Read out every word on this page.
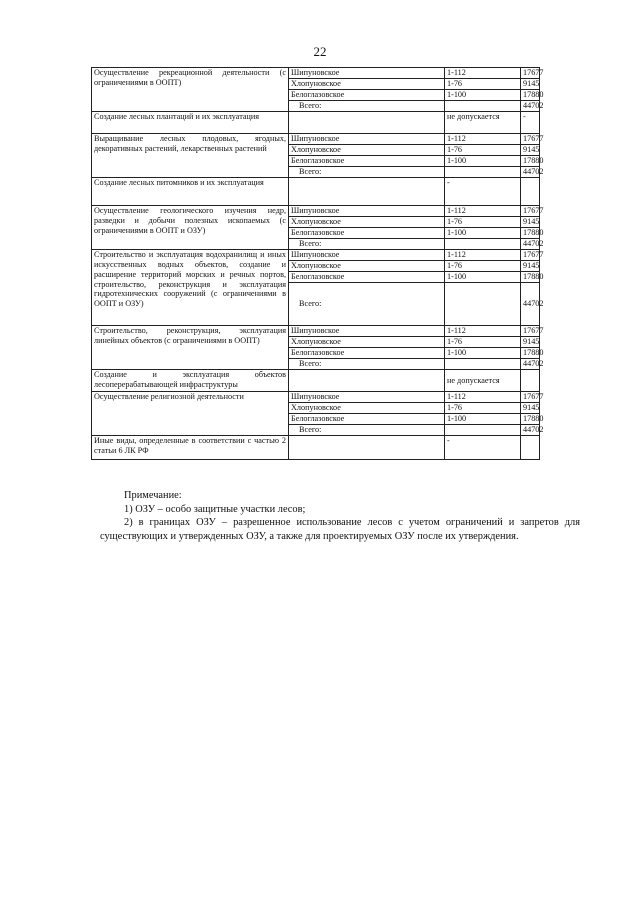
22
Осуществление рекреационной деятельности (с ограничениями в ООПТ)	Шипуновское	1-112	17677
	Хлопуновское	1-76	9145
	Белоглазовское	1-100	17880
	Всего:		44702
Создание лесных плантаций и их эксплуатация		не допускается	-
Выращивание лесных плодовых, ягодных, декоративных растений, лекарственных растений	Шипуновское	1-112	17677
	Хлопуновское	1-76	9145
	Белоглазовское	1-100	17880
	Всего:		44702
Создание лесных питомников и их эксплуатация		-	
Осуществление геологического изучения недр, разведки и добычи полезных ископаемых (с ограничениями в ООПТ и ОЗУ)	Шипуновское	1-112	17677
	Хлопуновское	1-76	9145
	Белоглазовское	1-100	17880
	Всего:		44702
Строительство и эксплуатация водохранилищ и иных искусственных водных объектов, создание и расширение территорий морских и речных портов, строительство, реконструкция и эксплуатация гидротехнических сооружений (с ограничениями в ООПТ и ОЗУ)	Шипуновское	1-112	17677
	Хлопуновское	1-76	9145
	Белоглазовское	1-100	17880
	Всего:		44702
Строительство, реконструкция, эксплуатация линейных объектов (с ограничениями в ООПТ)	Шипуновское	1-112	17677
	Хлопуновское	1-76	9145
	Белоглазовское	1-100	17880
	Всего:		44702
Создание и эксплуатация объектов лесоперерабатывающей инфраструктуры		не допускается	
Осуществление религиозной деятельности	Шипуновское	1-112	17677
	Хлопуновское	1-76	9145
	Белоглазовское	1-100	17880
	Всего:		44702
Иные виды, определенные в соответствии с частью 2 статьи 6 ЛК РФ		-	

Примечание:

1) ОЗУ – особо защитные участки лесов;

2) в границах ОЗУ – разрешенное использование лесов с учетом ограничений и запретов для существующих и утвержденных ОЗУ, а также для проектируемых ОЗУ после их утверждения.
